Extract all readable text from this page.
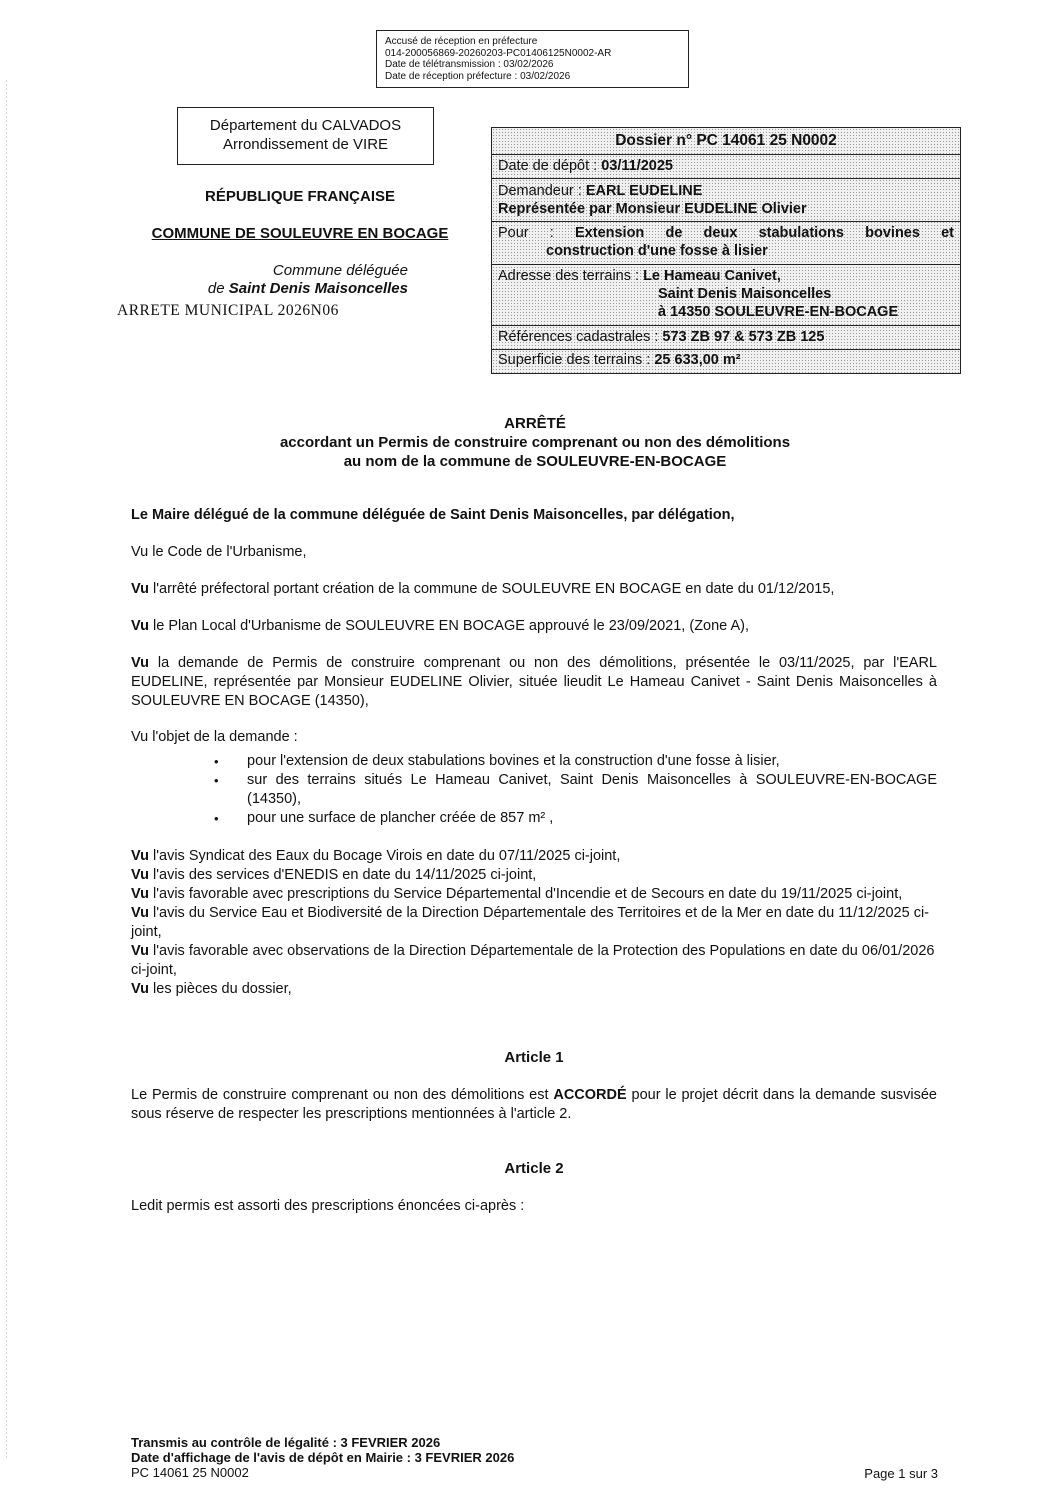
Accusé de réception en préfecture
014-200056869-20260203-PC01406125N0002-AR
Date de télétransmission : 03/02/2026
Date de réception préfecture : 03/02/2026
Département du CALVADOS
Arrondissement de VIRE
RÉPUBLIQUE FRANÇAISE
COMMUNE DE SOULEUVRE EN BOCAGE
Commune déléguée
de Saint Denis Maisoncelles
ARRETE MUNICIPAL 2026N06
Dossier n° PC 14061 25 N0002
Date de dépôt : 03/11/2025
Demandeur : EARL EUDELINE
Représentée par Monsieur EUDELINE Olivier
Pour : Extension de deux stabulations bovines et
construction d'une fosse à lisier
Adresse des terrains : Le Hameau Canivet,
Saint Denis Maisoncelles
à 14350 SOULEUVRE-EN-BOCAGE
Références cadastrales : 573 ZB 97 & 573 ZB 125
Superficie des terrains : 25 633,00 m²
ARRÊTÉ
accordant un Permis de construire comprenant ou non des démolitions
au nom de la commune de SOULEUVRE-EN-BOCAGE
Le Maire délégué de la commune déléguée de Saint Denis Maisoncelles, par délégation,
Vu le Code de l'Urbanisme,
Vu l'arrêté préfectoral portant création de la commune de SOULEUVRE EN BOCAGE en date du 01/12/2015,
Vu le Plan Local d'Urbanisme de SOULEUVRE EN BOCAGE approuvé le 23/09/2021, (Zone A),
Vu la demande de Permis de construire comprenant ou non des démolitions, présentée le 03/11/2025, par l'EARL EUDELINE, représentée par Monsieur EUDELINE Olivier, située lieudit Le Hameau Canivet - Saint Denis Maisoncelles à SOULEUVRE EN BOCAGE (14350),
Vu l'objet de la demande :
• pour l'extension de deux stabulations bovines et la construction d'une fosse à lisier,
• sur des terrains situés Le Hameau Canivet, Saint Denis Maisoncelles à SOULEUVRE-EN-BOCAGE (14350),
• pour une surface de plancher créée de 857 m² ,
Vu l'avis Syndicat des Eaux du Bocage Virois en date du 07/11/2025 ci-joint,
Vu l'avis des services d'ENEDIS en date du 14/11/2025 ci-joint,
Vu l'avis favorable avec prescriptions du Service Départemental d'Incendie et de Secours en date du 19/11/2025 ci-joint,
Vu l'avis du Service Eau et Biodiversité de la Direction Départementale des Territoires et de la Mer en date du 11/12/2025 ci-joint,
Vu l'avis favorable avec observations de la Direction Départementale de la Protection des Populations en date du 06/01/2026 ci-joint,
Vu les pièces du dossier,
Article 1
Le Permis de construire comprenant ou non des démolitions est ACCORDÉ pour le projet décrit dans la demande susvisée sous réserve de respecter les prescriptions mentionnées à l'article 2.
Article 2
Ledit permis est assorti des prescriptions énoncées ci-après :
Transmis au contrôle de légalité : 3 FEVRIER 2026
Date d'affichage de l'avis de dépôt en Mairie : 3 FEVRIER 2026
PC 14061 25 N0002	Page 1 sur 3
